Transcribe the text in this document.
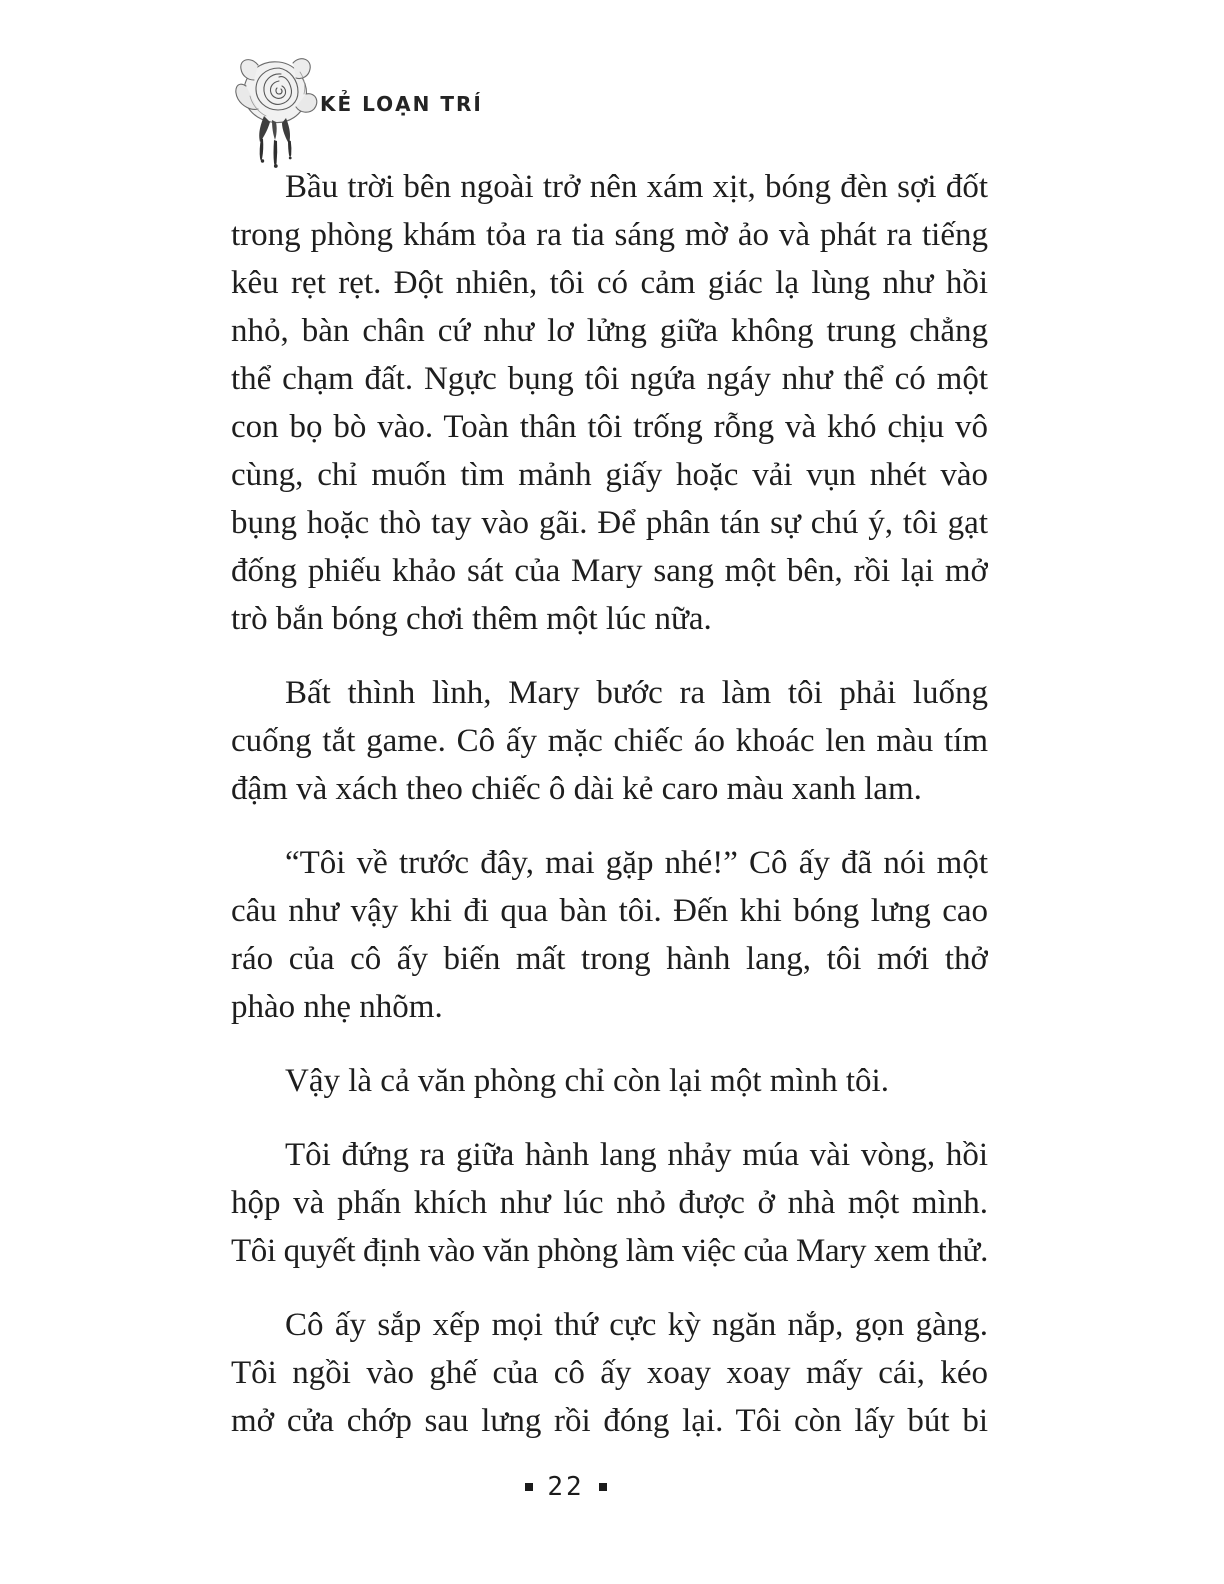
KẺ LOẠN TRÍ
Bầu trời bên ngoài trở nên xám xịt, bóng đèn sợi đốt
trong phòng khám tỏa ra tia sáng mờ ảo và phát ra tiếng
kêu rẹt rẹt. Đột nhiên, tôi có cảm giác lạ lùng như hồi
nhỏ, bàn chân cứ như lơ lửng giữa không trung chẳng
thể chạm đất. Ngực bụng tôi ngứa ngáy như thể có một
con bọ bò vào. Toàn thân tôi trống rỗng và khó chịu vô
cùng, chỉ muốn tìm mảnh giấy hoặc vải vụn nhét vào
bụng hoặc thò tay vào gãi. Để phân tán sự chú ý, tôi gạt
đống phiếu khảo sát của Mary sang một bên, rồi lại mở
trò bắn bóng chơi thêm một lúc nữa.
Bất thình lình, Mary bước ra làm tôi phải luống
cuống tắt game. Cô ấy mặc chiếc áo khoác len màu tím
đậm và xách theo chiếc ô dài kẻ caro màu xanh lam.
“Tôi về trước đây, mai gặp nhé!” Cô ấy đã nói một
câu như vậy khi đi qua bàn tôi. Đến khi bóng lưng cao
ráo của cô ấy biến mất trong hành lang, tôi mới thở
phào nhẹ nhõm.
Vậy là cả văn phòng chỉ còn lại một mình tôi.
Tôi đứng ra giữa hành lang nhảy múa vài vòng, hồi
hộp và phấn khích như lúc nhỏ được ở nhà một mình.
Tôi quyết định vào văn phòng làm việc của Mary xem thử.
Cô ấy sắp xếp mọi thứ cực kỳ ngăn nắp, gọn gàng.
Tôi ngồi vào ghế của cô ấy xoay xoay mấy cái, kéo
mở cửa chớp sau lưng rồi đóng lại. Tôi còn lấy bút bi
22
